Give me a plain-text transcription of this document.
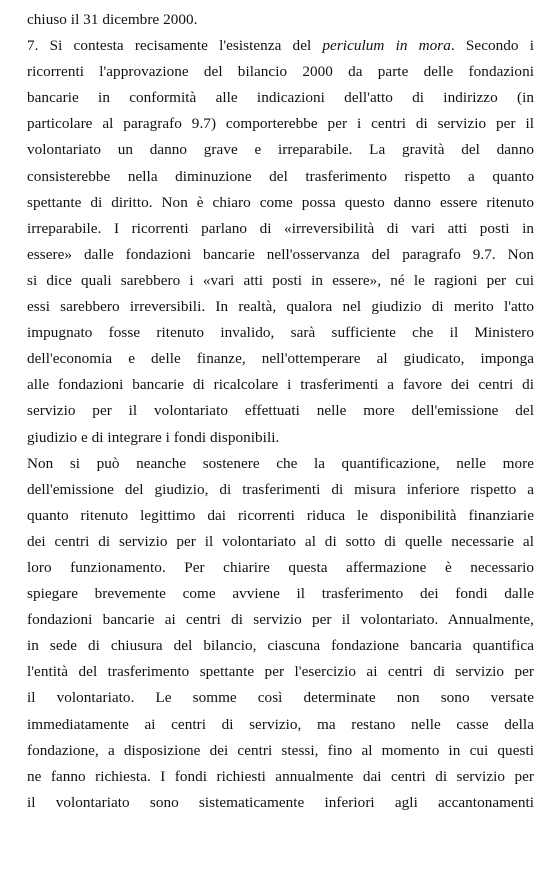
chiuso il 31 dicembre 2000.
7. Si contesta recisamente l'esistenza del periculum in mora. Secondo i
ricorrenti l'approvazione del bilancio 2000 da parte delle fondazioni
bancarie in conformità alle indicazioni dell'atto di indirizzo (in
particolare al paragrafo 9.7) comporterebbe per i centri di servizio per il
volontariato un danno grave e irreparabile. La gravità del danno
consisterebbe nella diminuzione del trasferimento rispetto a quanto
spettante di diritto. Non è chiaro come possa questo danno essere ritenuto
irreparabile. I ricorrenti parlano di «irreversibilità di vari atti posti in
essere» dalle fondazioni bancarie nell'osservanza del paragrafo 9.7. Non
si dice quali sarebbero i «vari atti posti in essere», né le ragioni per cui
essi sarebbero irreversibili. In realtà, qualora nel giudizio di merito l'atto
impugnato fosse ritenuto invalido, sarà sufficiente che il Ministero
dell'economia e delle finanze, nell'ottemperare al giudicato, imponga
alle fondazioni bancarie di ricalcolare i trasferimenti a favore dei centri di
servizio per il volontariato effettuati nelle more dell'emissione del
giudizio e di integrare i fondi disponibili.
Non si può neanche sostenere che la quantificazione, nelle more
dell'emissione del giudizio, di trasferimenti di misura inferiore rispetto a
quanto ritenuto legittimo dai ricorrenti riduca le disponibilità finanziarie
dei centri di servizio per il volontariato al di sotto di quelle necessarie al
loro funzionamento. Per chiarire questa affermazione è necessario
spiegare brevemente come avviene il trasferimento dei fondi dalle
fondazioni bancarie ai centri di servizio per il volontariato. Annualmente,
in sede di chiusura del bilancio, ciascuna fondazione bancaria quantifica
l'entità del trasferimento spettante per l'esercizio ai centri di servizio per
il volontariato. Le somme così determinate non sono versate
immediatamente ai centri di servizio, ma restano nelle casse della
fondazione, a disposizione dei centri stessi, fino al momento in cui questi
ne fanno richiesta. I fondi richiesti annualmente dai centri di servizio per
il volontariato sono sistematicamente inferiori agli accantonamenti
